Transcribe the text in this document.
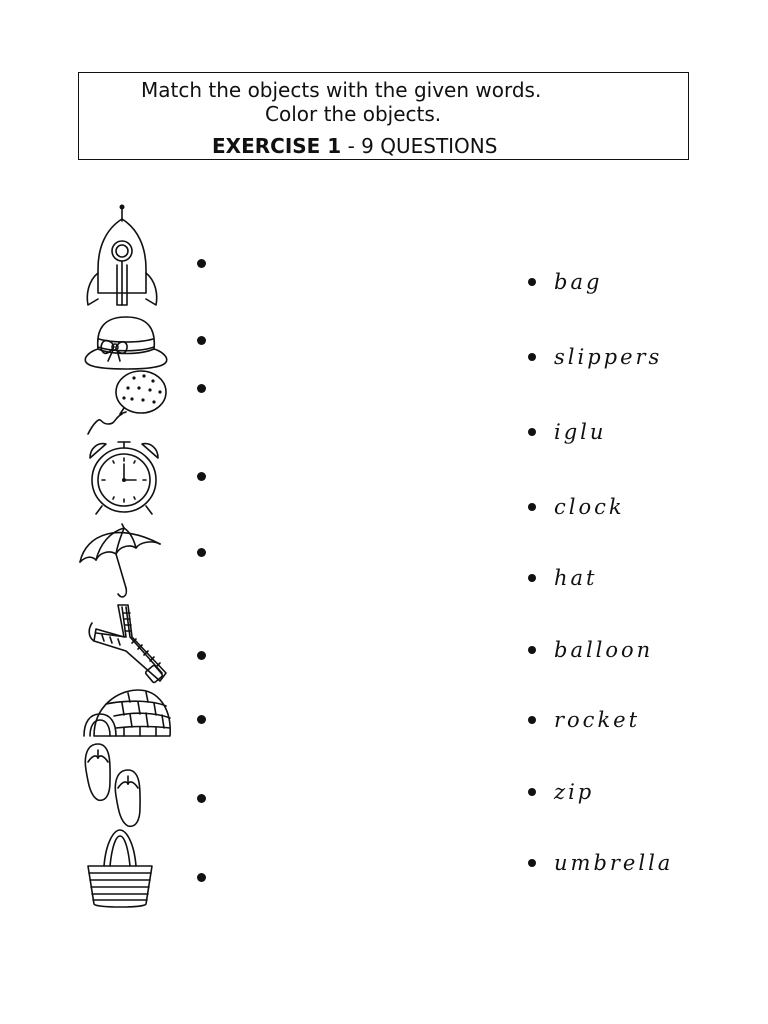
Match the objects with the given words.
Color the objects.
EXERCISE 1 - 9 QUESTIONS
bag
slippers
iglu
clock
hat
balloon
rocket
zip
umbrella
